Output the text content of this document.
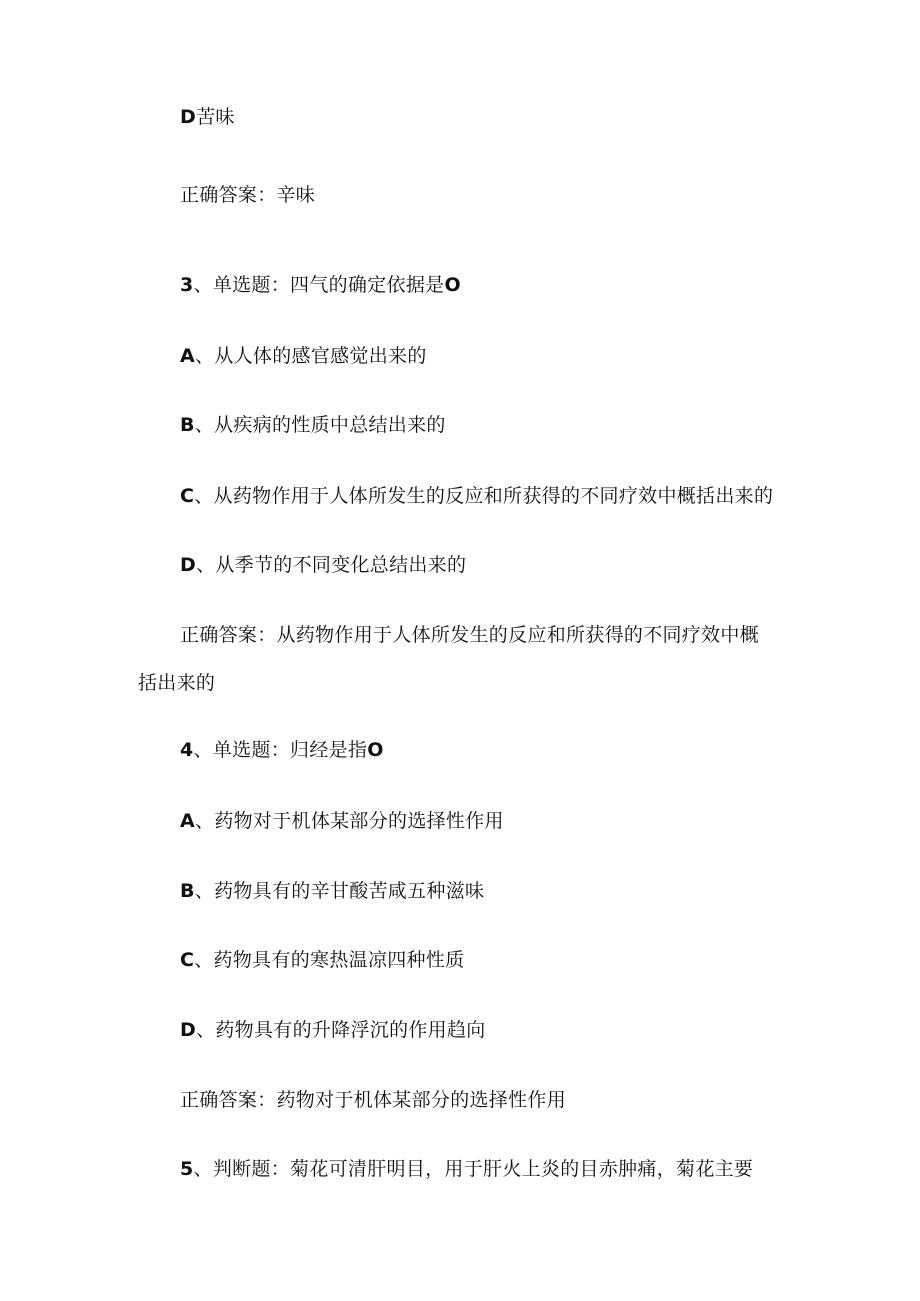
D苦味
正确答案：辛味
3、单选题：四气的确定依据是O
A、从人体的感官感觉出来的
B、从疾病的性质中总结出来的
C、从药物作用于人体所发生的反应和所获得的不同疗效中概括出来的
D、从季节的不同变化总结出来的
正确答案：从药物作用于人体所发生的反应和所获得的不同疗效中概
括出来的
4、单选题：归经是指O
A、药物对于机体某部分的选择性作用
B、药物具有的辛甘酸苦咸五种滋味
C、药物具有的寒热温凉四种性质
D、药物具有的升降浮沉的作用趋向
正确答案：药物对于机体某部分的选择性作用
5、判断题：菊花可清肝明目，用于肝火上炎的目赤肿痛，菊花主要
